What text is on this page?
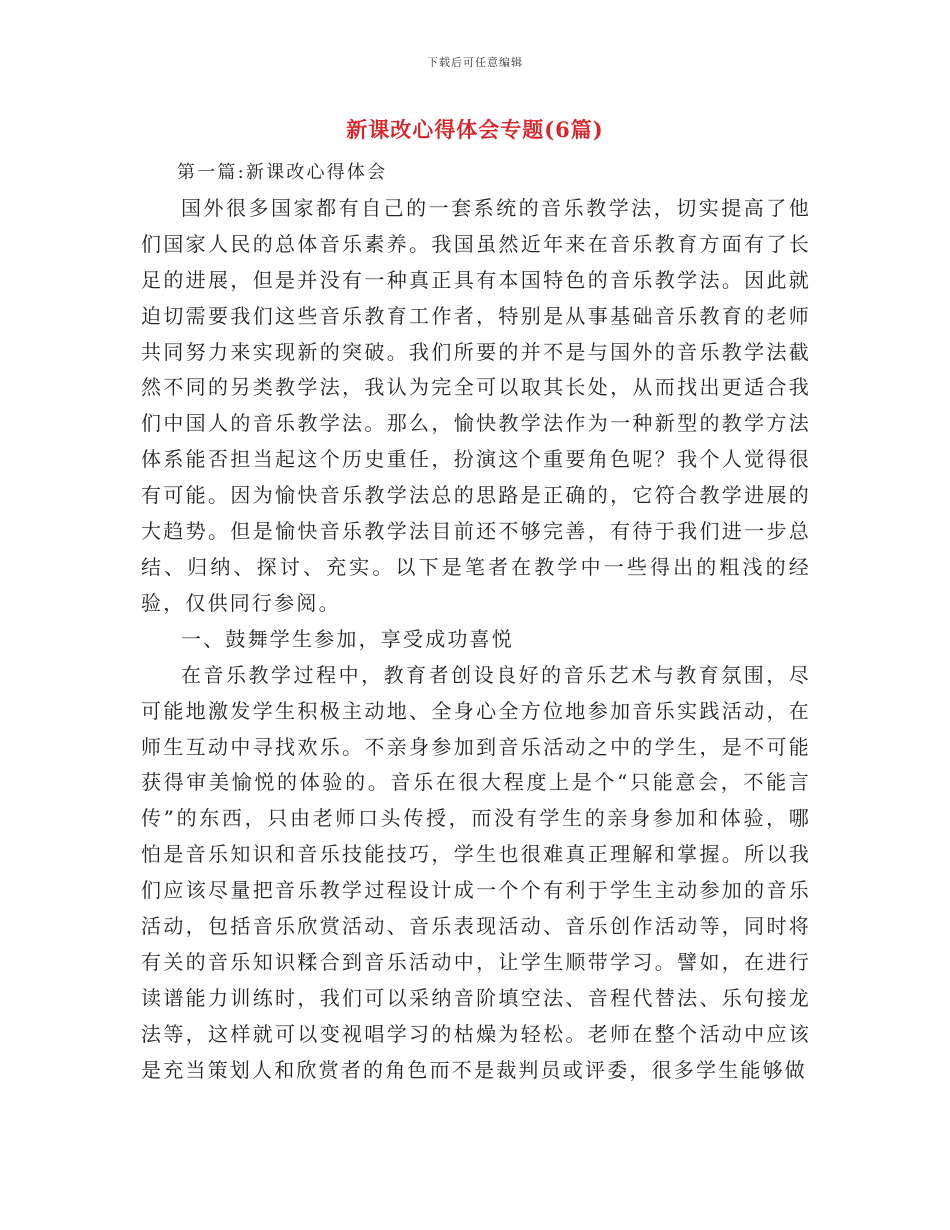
下载后可任意编辑
新课改心得体会专题(6篇)

第一篇:新课改心得体会

国外很多国家都有自己的一套系统的音乐教学法，切实提高了他们国家人民的总体音乐素养。我国虽然近年来在音乐教育方面有了长足的进展，但是并没有一种真正具有本国特色的音乐教学法。因此就迫切需要我们这些音乐教育工作者，特别是从事基础音乐教育的老师共同努力来实现新的突破。我们所要的并不是与国外的音乐教学法截然不同的另类教学法，我认为完全可以取其长处，从而找出更适合我们中国人的音乐教学法。那么，愉快教学法作为一种新型的教学方法体系能否担当起这个历史重任，扮演这个重要角色呢？我个人觉得很有可能。因为愉快音乐教学法总的思路是正确的，它符合教学进展的大趋势。但是愉快音乐教学法目前还不够完善，有待于我们进一步总结、归纳、探讨、充实。以下是笔者在教学中一些得出的粗浅的经验，仅供同行参阅。

一、鼓舞学生参加，享受成功喜悦

在音乐教学过程中，教育者创设良好的音乐艺术与教育氛围，尽可能地激发学生积极主动地、全身心全方位地参加音乐实践活动，在师生互动中寻找欢乐。不亲身参加到音乐活动之中的学生，是不可能获得审美愉悦的体验的。音乐在很大程度上是个“只能意会，不能言传”的东西，只由老师口头传授，而没有学生的亲身参加和体验，哪怕是音乐知识和音乐技能技巧，学生也很难真正理解和掌握。所以我们应该尽量把音乐教学过程设计成一个个有利于学生主动参加的音乐活动，包括音乐欣赏活动、音乐表现活动、音乐创作活动等，同时将有关的音乐知识糅合到音乐活动中，让学生顺带学习。譬如，在进行读谱能力训练时，我们可以采纳音阶填空法、音程代替法、乐句接龙法等，这样就可以变视唱学习的枯燥为轻松。老师在整个活动中应该是充当策划人和欣赏者的角色而不是裁判员或评委，很多学生能够做
